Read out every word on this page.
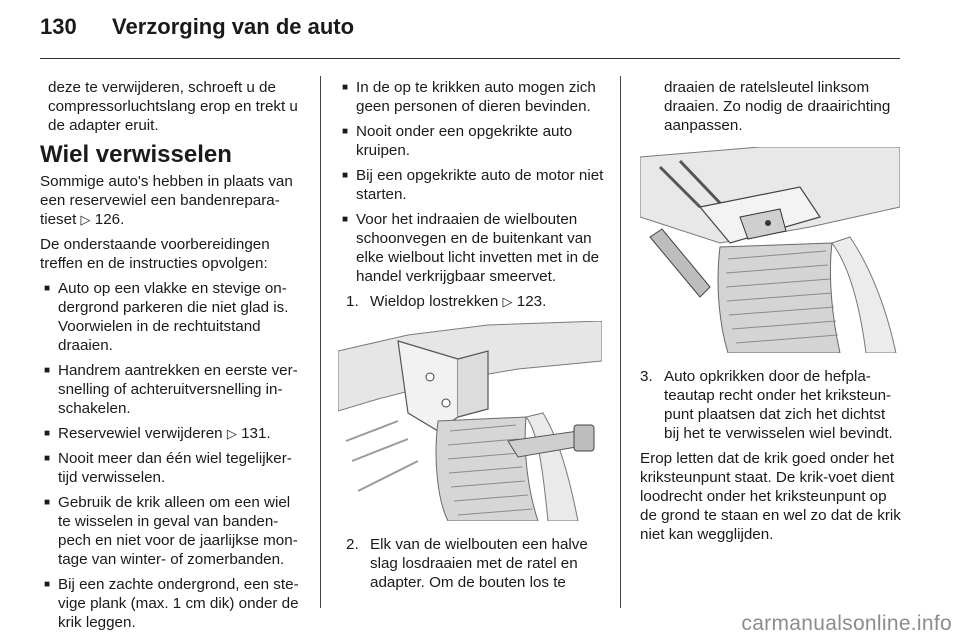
130 Verzorging van de auto

deze te verwijderen, schroeft u de compressorluchtslang erop en trekt u de adapter eruit.

Wiel verwisselen

Sommige auto's hebben in plaats van een reservewiel een bandenrepara-tieset ▷ 126.

De onderstaande voorbereidingen treffen en de instructies opvolgen:

■ Auto op een vlakke en stevige on-dergrond parkeren die niet glad is. Voorwielen in de rechtuitstand draaien.
■ Handrem aantrekken en eerste ver-snelling of achteruitversnelling in-schakelen.
■ Reservewiel verwijderen ▷ 131.
■ Nooit meer dan één wiel tegelijker-tijd verwisselen.
■ Gebruik de krik alleen om een wiel te wisselen in geval van banden-pech en niet voor de jaarlijkse mon-tage van winter- of zomerbanden.
■ Bij een zachte ondergrond, een ste-vige plank (max. 1 cm dik) onder de krik leggen.
■ In de op te krikken auto mogen zich geen personen of dieren bevinden.
■ Nooit onder een opgekrikte auto kruipen.
■ Bij een opgekrikte auto de motor niet starten.
■ Voor het indraaien de wielbouten schoonvegen en de buitenkant van elke wielbout licht invetten met in de handel verkrijgbaar smeervet.
1. Wieldop lostrekken ▷ 123.
2. Elk van de wielbouten een halve slag losdraaien met de ratel en adapter. Om de bouten los te

draaien de ratelsleutel linksom draaien. Zo nodig de draairichting aanpassen.

3. Auto opkrikken door de hefpla-teautap recht onder het kriksteun-punt plaatsen dat zich het dichtst bij het te verwisselen wiel bevindt.

Erop letten dat de krik goed onder het kriksteunpunt staat. De krik-voet dient loodrecht onder het kriksteunpunt op de grond te staan en wel zo dat de krik niet kan wegglijden.

carmanualsonline.info
